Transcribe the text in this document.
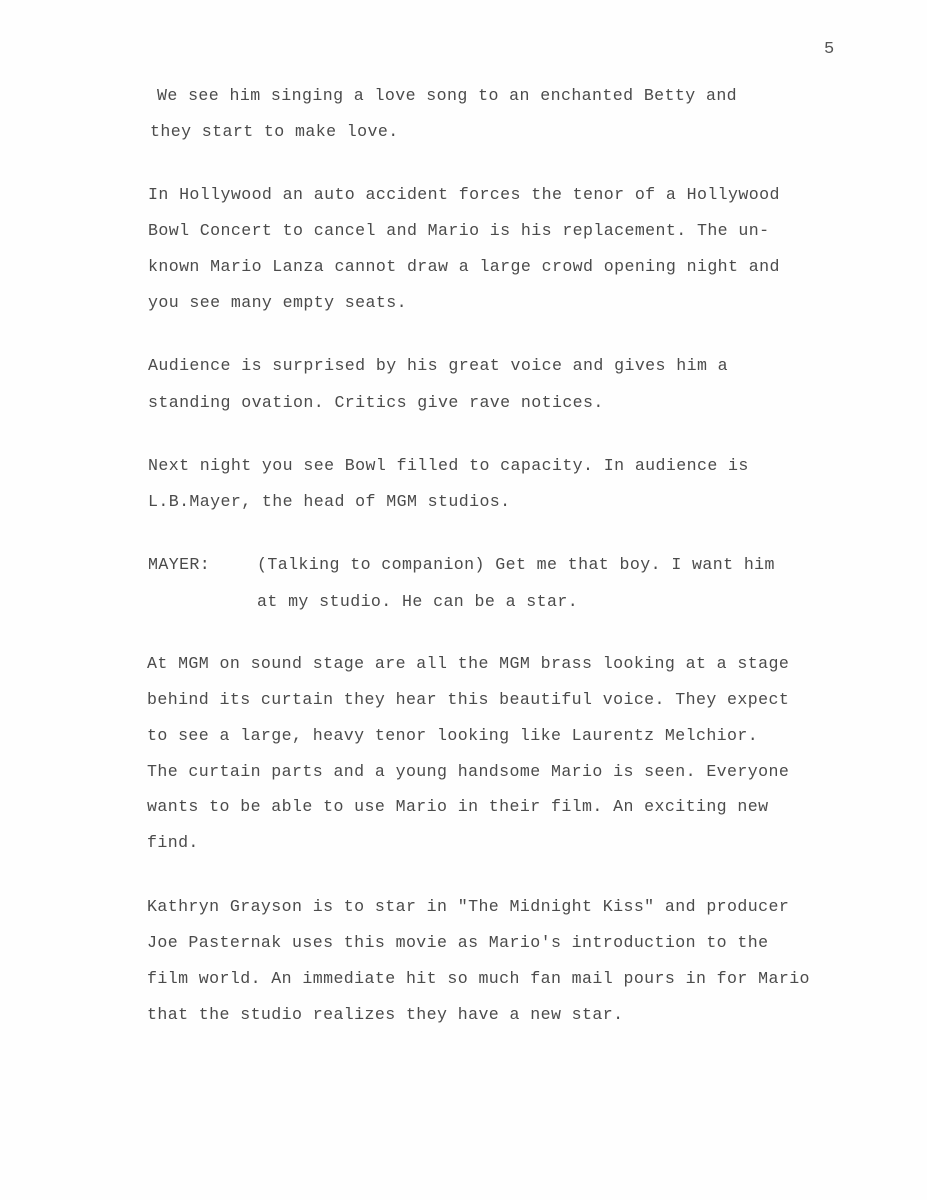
5
We see him singing a love song to an enchanted Betty and
they start to make love.
In Hollywood an auto accident forces the tenor of a Hollywood
Bowl Concert to cancel and Mario is his replacement. The un-
known Mario Lanza cannot draw a large crowd opening night and
you see many empty seats.
Audience is surprised by his great voice and gives him a
standing ovation. Critics give rave notices.
Next night you see Bowl filled to capacity. In audience is
L.B.Mayer, the head of MGM studios.
MAYER:	(Talking to companion) Get me that boy. I want him
at my studio. He can be a star.
At MGM on sound stage are all the MGM brass looking at a stage
behind its curtain they hear this beautiful voice. They expect
to see a large, heavy tenor looking like Laurentz Melchior.
The curtain parts and a young handsome Mario is seen. Everyone
wants to be able to use Mario in their film. An exciting new
find.
Kathryn Grayson is to star in "The Midnight Kiss" and producer
Joe Pasternak uses this movie as Mario's introduction to the
film world. An immediate hit so much fan mail pours in for Mario
that the studio realizes they have a new star.
